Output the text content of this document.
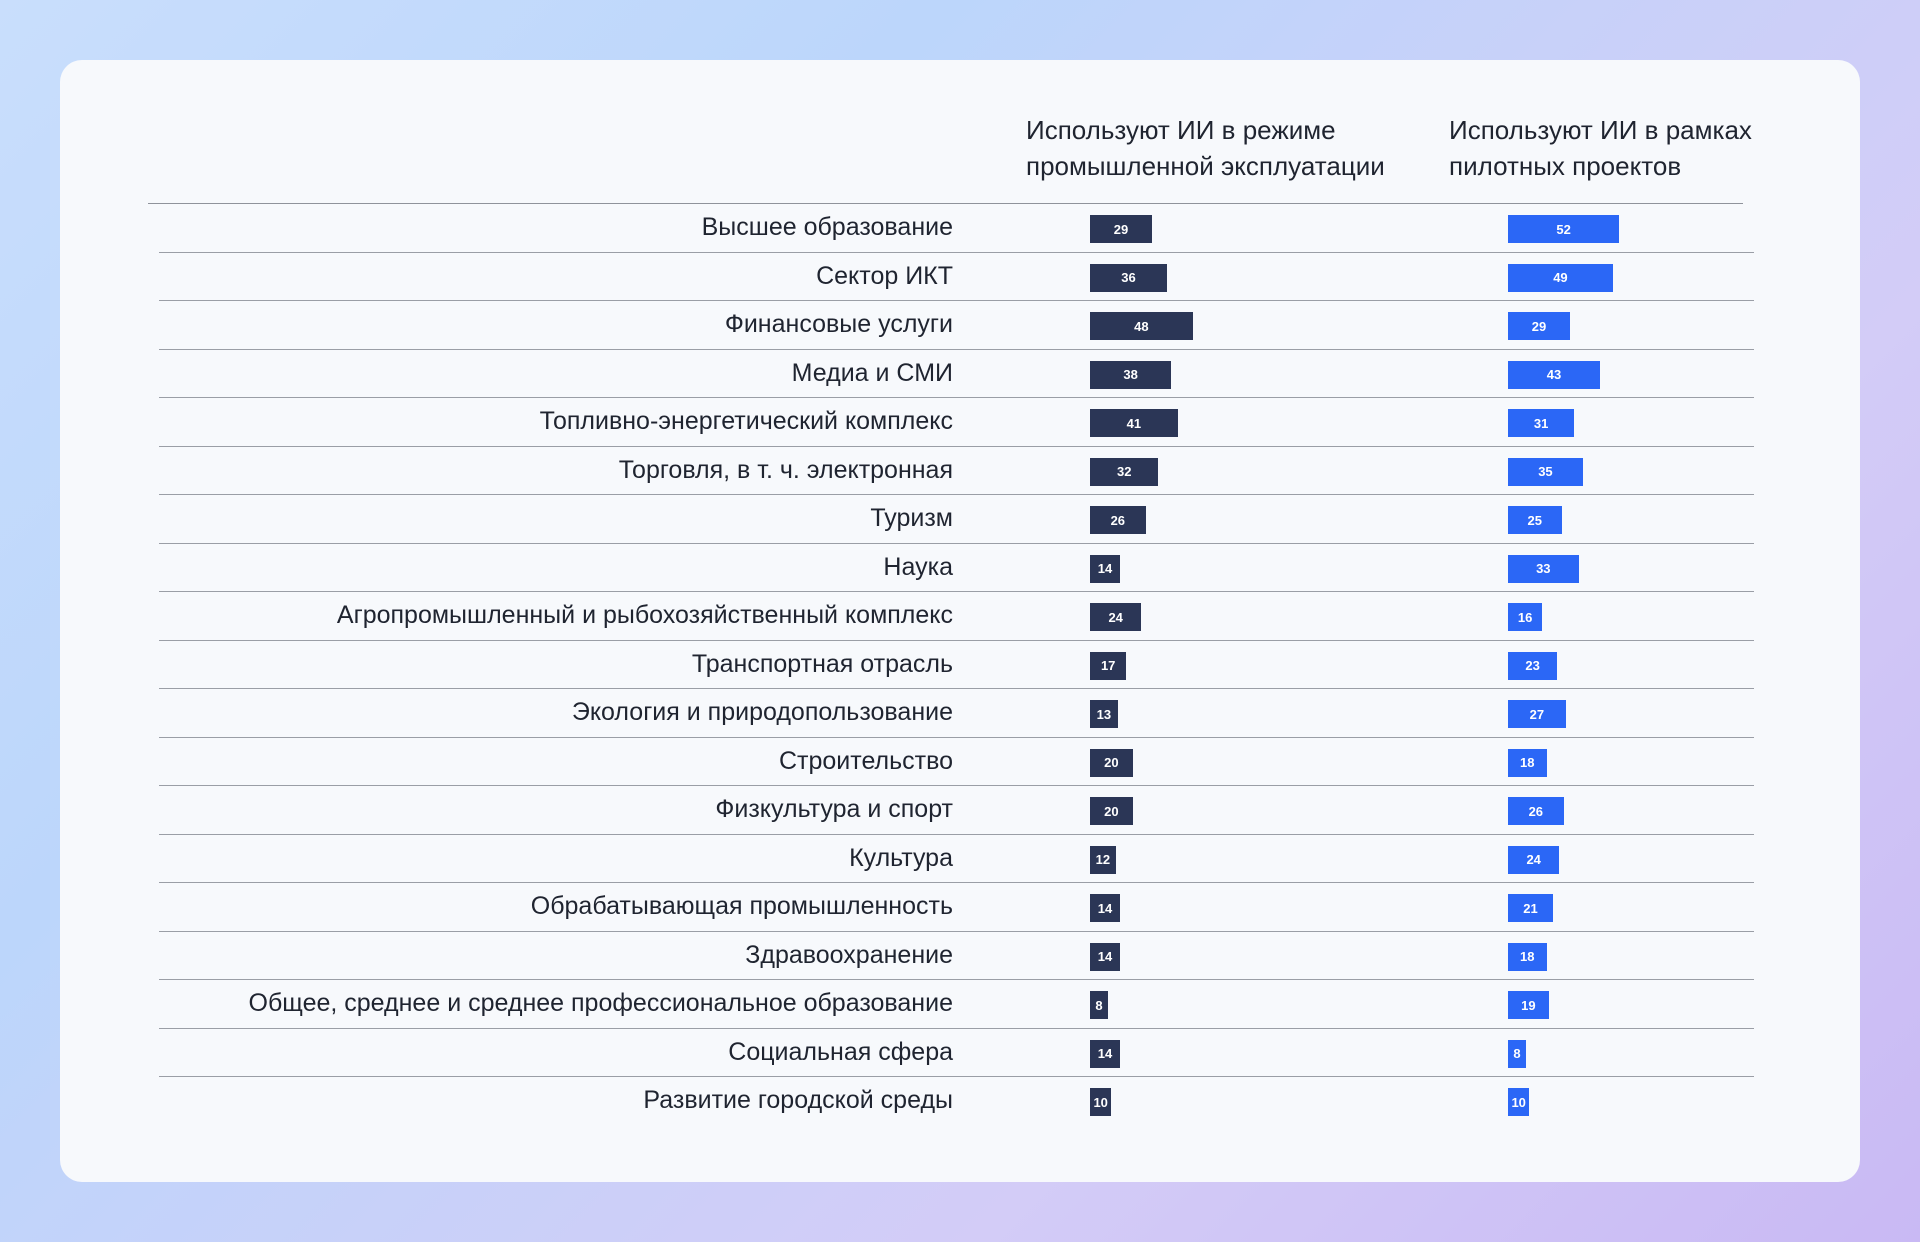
Используют ИИ в режиме промышленной эксплуатации
Используют ИИ в рамках пилотных проектов
Высшее образование	29	52
Сектор ИКТ	36	49
Финансовые услуги	48	29
Медиа и СМИ	38	43
Топливно-энергетический комплекс	41	31
Торговля, в т. ч. электронная	32	35
Туризм	26	25
Наука	14	33
Агропромышленный и рыбохозяйственный комплекс	24	16
Транспортная отрасль	17	23
Экология и природопользование	13	27
Строительство	20	18
Физкультура и спорт	20	26
Культура	12	24
Обрабатывающая промышленность	14	21
Здравоохранение	14	18
Общее, среднее и среднее профессиональное образование	8	19
Социальная сфера	14	8
Развитие городской среды	10	10
